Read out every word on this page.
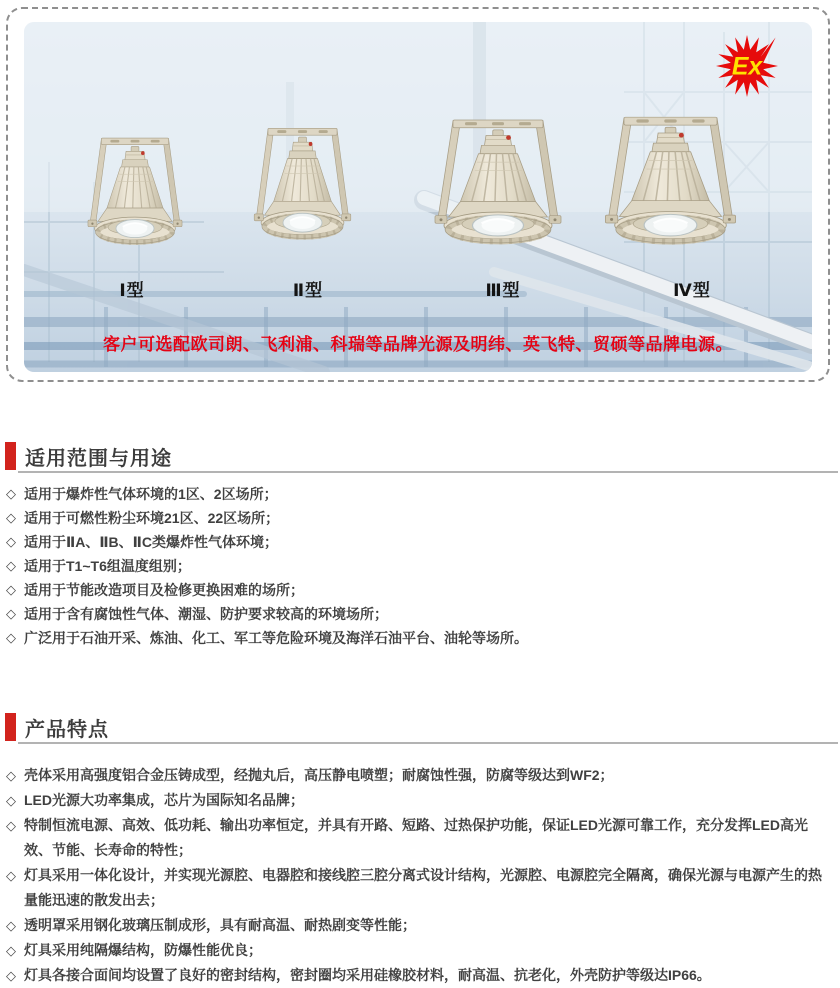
Ex
Ⅰ型	Ⅱ型	Ⅲ型	Ⅳ型
客户可选配欧司朗、飞利浦、科瑞等品牌光源及明纬、英飞特、贸硕等品牌电源。
适用范围与用途
◇ 适用于爆炸性气体环境的1区、2区场所；
◇ 适用于可燃性粉尘环境21区、22区场所；
◇ 适用于ⅡA、ⅡB、ⅡC类爆炸性气体环境；
◇ 适用于T1~T6组温度组别；
◇ 适用于节能改造项目及检修更换困难的场所；
◇ 适用于含有腐蚀性气体、潮湿、防护要求较高的环境场所；
◇ 广泛用于石油开采、炼油、化工、军工等危险环境及海洋石油平台、油轮等场所。
产品特点
◇ 壳体采用高强度铝合金压铸成型，经抛丸后，高压静电喷塑；耐腐蚀性强，防腐等级达到WF2；
◇ LED光源大功率集成，芯片为国际知名品牌；
◇ 特制恒流电源、高效、低功耗、输出功率恒定，并具有开路、短路、过热保护功能，保证LED光源可靠工作，充分发挥LED高光效、节能、长寿命的特性；
◇ 灯具采用一体化设计，并实现光源腔、电器腔和接线腔三腔分离式设计结构，光源腔、电源腔完全隔离，确保光源与电源产生的热量能迅速的散发出去；
◇ 透明罩采用钢化玻璃压制成形，具有耐高温、耐热剧变等性能；
◇ 灯具采用纯隔爆结构，防爆性能优良；
◇ 灯具各接合面间均设置了良好的密封结构，密封圈均采用硅橡胶材料，耐高温、抗老化，外壳防护等级达IP66。
